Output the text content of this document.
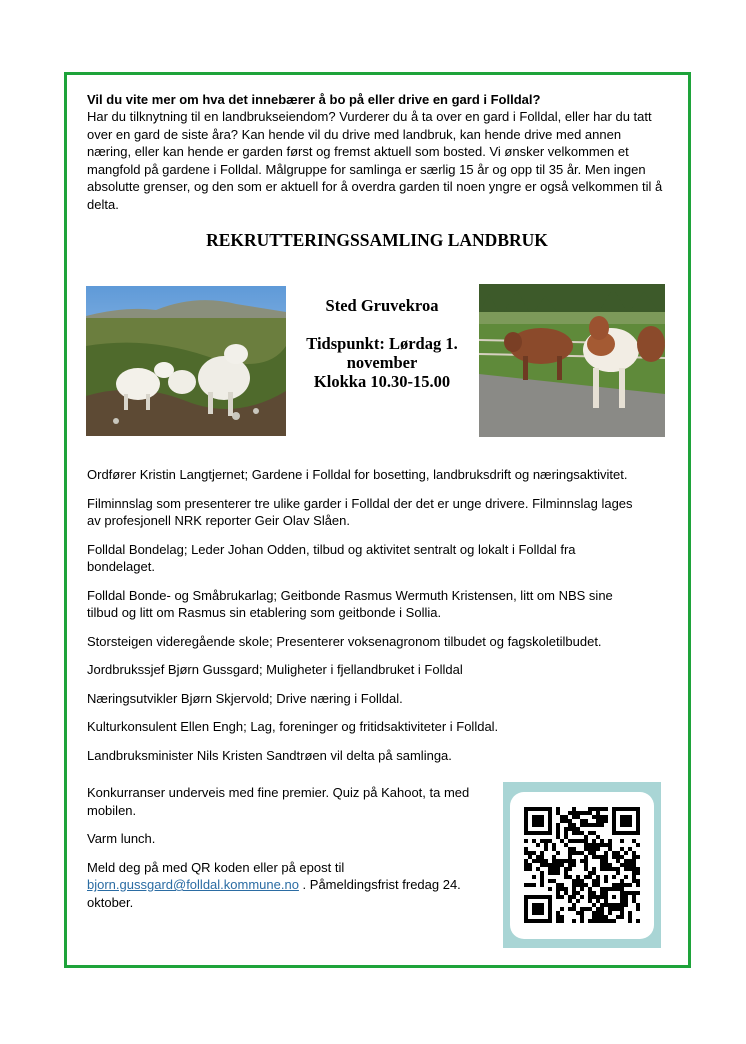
Vil du vite mer om hva det innebærer å bo på eller drive en gard i Folldal?

Har du tilknytning til en landbrukseiendom? Vurderer du å ta over en gard i Folldal, eller har du tatt over en gard de siste åra? Kan hende vil du drive med landbruk, kan hende drive med annen næring, eller kan hende er garden først og fremst aktuell som bosted. Vi ønsker velkommen et mangfold på gardene i Folldal. Målgruppe for samlinga er særlig 15 år og opp til 35 år. Men ingen absolutte grenser, og den som er aktuell for å overdra garden til noen yngre er også velkommen til å delta.

REKRUTTERINGSSAMLING LANDBRUK
Sted Gruvekroa
Tidspunkt: Lørdag 1.
november
Klokka 10.30-15.00

Ordfører Kristin Langtjernet; Gardene i Folldal for bosetting, landbruksdrift og næringsaktivitet.

Filminnslag som presenterer tre ulike garder i Folldal der det er unge drivere. Filminnslag lages av profesjonell NRK reporter Geir Olav Slåen.

Folldal Bondelag; Leder Johan Odden, tilbud og aktivitet sentralt og lokalt i Folldal fra bondelaget.

Folldal Bonde- og Småbrukarlag; Geitbonde Rasmus Wermuth Kristensen, litt om NBS sine tilbud og litt om Rasmus sin etablering som geitbonde i Sollia.

Storsteigen videregående skole; Presenterer voksenagronom tilbudet og fagskoletilbudet.

Jordbrukssjef Bjørn Gussgard; Muligheter i fjellandbruket i Folldal

Næringsutvikler Bjørn Skjervold; Drive næring i Folldal.

Kulturkonsulent Ellen Engh; Lag, foreninger og fritidsaktiviteter i Folldal.

Landbruksminister Nils Kristen Sandtrøen vil delta på samlinga.

Konkurranser underveis med fine premier. Quiz på Kahoot, ta med mobilen.

Varm lunch.

Meld deg på med QR koden eller på epost til
bjorn.gussgard@folldal.kommune.no . Påmeldingsfrist fredag 24. oktober.
